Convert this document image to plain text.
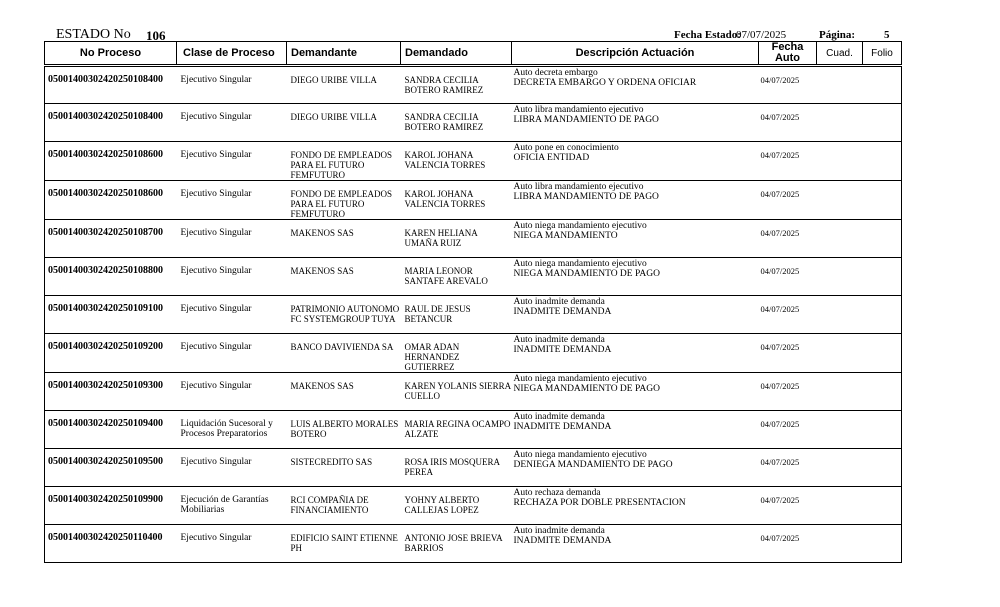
ESTADO No 106	Fecha Estado:
07/07/2025	Página:	5
No Proceso	Clase de Proceso	Demandante	Demandado	Descripción Actuación	Fecha
Auto	Cuad.	Folio

05001400302420250108400	Ejecutivo Singular	DIEGO URIBE VILLA	SANDRA CECILIA BOTERO RAMIREZ	Auto decreta embargo
DECRETA EMBARGO Y ORDENA OFICIAR	04/07/2025		

05001400302420250108400	Ejecutivo Singular	DIEGO URIBE VILLA	SANDRA CECILIA BOTERO RAMIREZ	Auto libra mandamiento ejecutivo
LIBRA MANDAMIENTO DE PAGO	04/07/2025		

05001400302420250108600	Ejecutivo Singular	FONDO DE EMPLEADOS PARA EL FUTURO FEMFUTURO	KAROL JOHANA VALENCIA TORRES	Auto pone en conocimiento
OFICIA ENTIDAD	04/07/2025		

05001400302420250108600	Ejecutivo Singular	FONDO DE EMPLEADOS PARA EL FUTURO FEMFUTURO	KAROL JOHANA VALENCIA TORRES	Auto libra mandamiento ejecutivo
LIBRA MANDAMIENTO DE PAGO	04/07/2025		

05001400302420250108700	Ejecutivo Singular	MAKENOS SAS	KAREN HELIANA UMAÑA RUIZ	Auto niega mandamiento ejecutivo
NIEGA MANDAMIENTO	04/07/2025		

05001400302420250108800	Ejecutivo Singular	MAKENOS SAS	MARIA LEONOR SANTAFE AREVALO	Auto niega mandamiento ejecutivo
NIEGA MANDAMIENTO DE PAGO	04/07/2025		

05001400302420250109100	Ejecutivo Singular	PATRIMONIO AUTONOMO FC SYSTEMGROUP TUYA	RAUL DE JESUS BETANCUR	Auto inadmite demanda
INADMITE DEMANDA	04/07/2025		

05001400302420250109200	Ejecutivo Singular	BANCO DAVIVIENDA SA	OMAR ADAN HERNANDEZ GUTIERREZ	Auto inadmite demanda
INADMITE DEMANDA	04/07/2025		

05001400302420250109300	Ejecutivo Singular	MAKENOS SAS	KAREN YOLANIS SIERRA CUELLO	Auto niega mandamiento ejecutivo
NIEGA MANDAMIENTO DE PAGO	04/07/2025		

05001400302420250109400	Liquidación Sucesoral y Procesos Preparatorios	LUIS ALBERTO MORALES BOTERO	MARIA REGINA OCAMPO ALZATE	Auto inadmite demanda
INADMITE DEMANDA	04/07/2025		

05001400302420250109500	Ejecutivo Singular	SISTECREDITO SAS	ROSA IRIS MOSQUERA PEREA	Auto niega mandamiento ejecutivo
DENIEGA MANDAMIENTO DE PAGO	04/07/2025		

05001400302420250109900	Ejecución de Garantías Mobiliarias	RCI COMPAÑIA DE FINANCIAMIENTO	YOHNY ALBERTO CALLEJAS LOPEZ	Auto rechaza demanda
RECHAZA POR DOBLE PRESENTACION	04/07/2025		

05001400302420250110400	Ejecutivo Singular	EDIFICIO SAINT ETIENNE PH	ANTONIO JOSE BRIEVA BARRIOS	Auto inadmite demanda
INADMITE DEMANDA	04/07/2025		
